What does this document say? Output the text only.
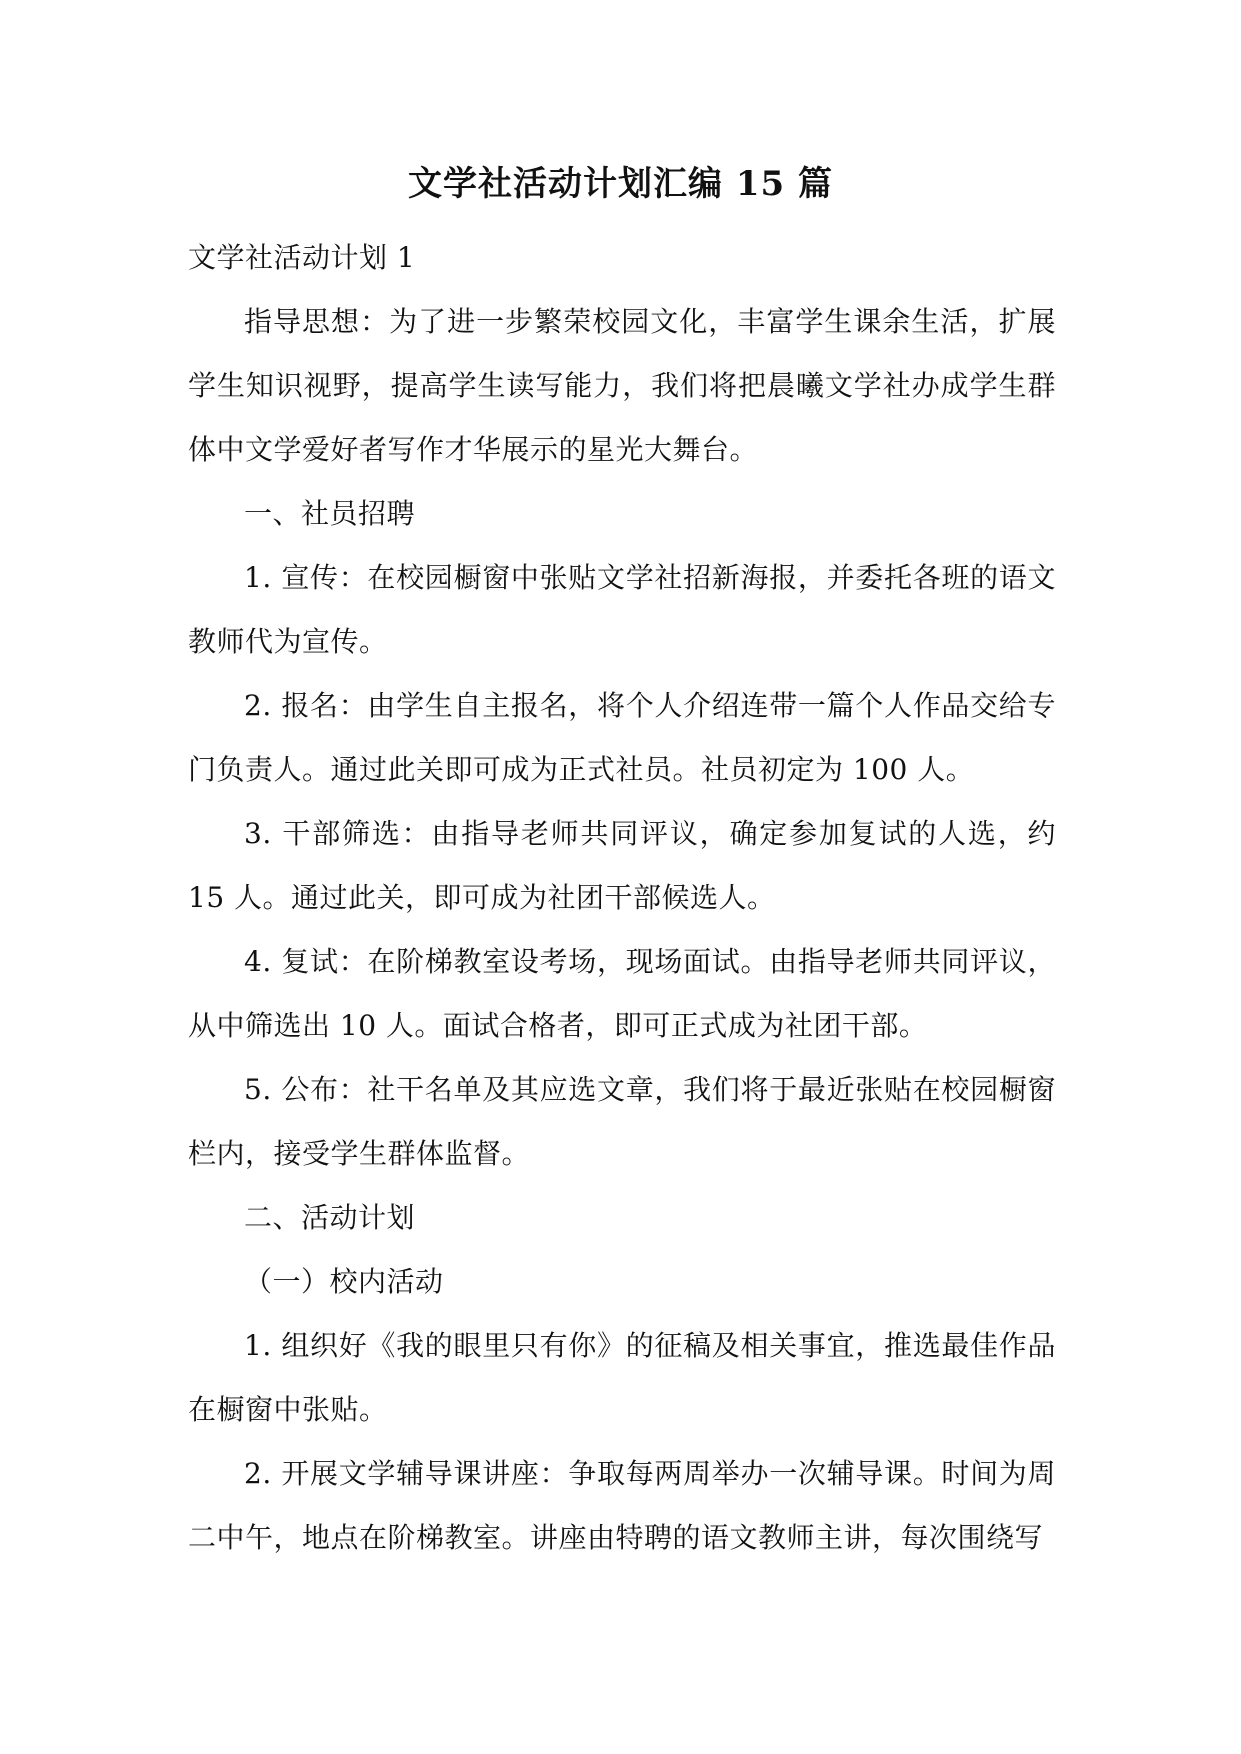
文学社活动计划汇编 15 篇

文学社活动计划 1

指导思想：为了进一步繁荣校园文化，丰富学生课余生活，扩展学生知识视野，提高学生读写能力，我们将把晨曦文学社办成学生群体中文学爱好者写作才华展示的星光大舞台。

一、社员招聘

1. 宣传：在校园橱窗中张贴文学社招新海报，并委托各班的语文教师代为宣传。

2. 报名：由学生自主报名，将个人介绍连带一篇个人作品交给专门负责人。通过此关即可成为正式社员。社员初定为 100 人。

3. 干部筛选：由指导老师共同评议，确定参加复试的人选，约 15 人。通过此关，即可成为社团干部候选人。

4. 复试：在阶梯教室设考场，现场面试。由指导老师共同评议，从中筛选出 10 人。面试合格者，即可正式成为社团干部。

5. 公布：社干名单及其应选文章，我们将于最近张贴在校园橱窗栏内，接受学生群体监督。

二、活动计划

（一）校内活动

1. 组织好《我的眼里只有你》的征稿及相关事宜，推选最佳作品在橱窗中张贴。

2. 开展文学辅导课讲座：争取每两周举办一次辅导课。时间为周二中午，地点在阶梯教室。讲座由特聘的语文教师主讲，每次围绕写
